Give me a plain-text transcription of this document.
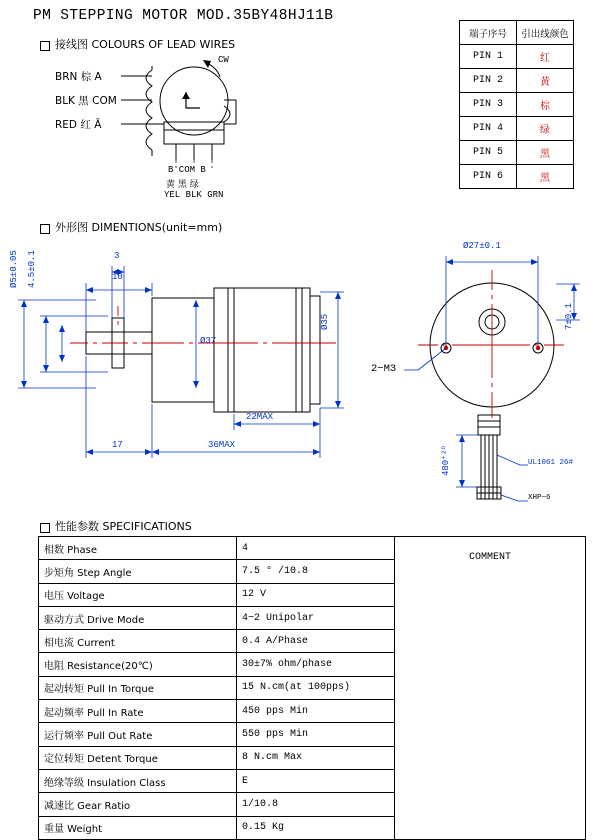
PM STEPPING MOTOR MOD.35BY48HJ11B
接线图 COLOURS OF LEAD WIRES
BRN 棕 A
BLK 黑 COM
RED 红 Ā
CW
B COM B
黄 黑 绿
YEL BLK GRN
端子序号	引出线颜色
PIN 1	红
PIN 2	黄
PIN 3	棕
PIN 4	绿
PIN 5	黑
PIN 6	黑
外形图 DIMENTIONS(unit=mm)
Ø5±0.05 4.5±0.1	3
10
Ø37
Ø35
17
22MAX
36MAX
Ø27±0.1
7±0.1
2−M3
480⁺²⁰	UL1061 26#
XHP−6
性能参数 SPECIFICATIONS
相数 Phase	4	COMMENT

步矩角 Step Angle	7.5 ° /10.8	
电压 Voltage	12 V	
驱动方式 Drive Mode	4−2 Unipolar	
相电流 Current	0.4 A/Phase	
电阻 Resistance(20℃)	30±7% ohm/phase	
起动转矩 Pull In Torque	15 N.cm(at 100pps)	
起动频率 Pull In Rate	450 pps Min	
运行频率 Pull Out Rate	550 pps Min	
定位转矩 Detent Torque	8 N.cm Max	
绝缘等级 Insulation Class	E	
减速比 Gear Ratio	1/10.8	
重量 Weight	0.15 Kg	
